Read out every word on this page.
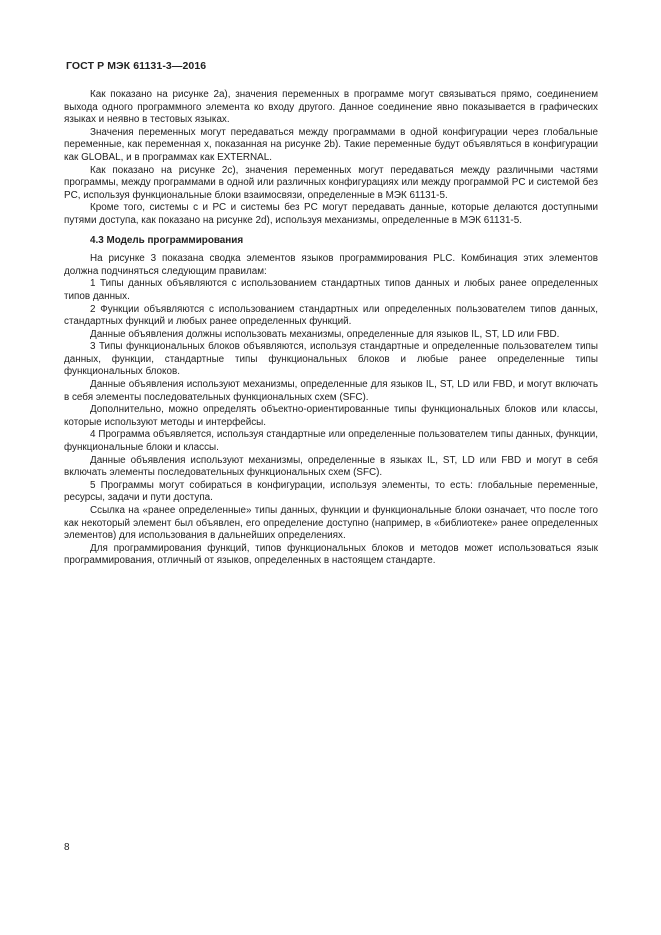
ГОСТ Р МЭК 61131-3—2016

Как показано на рисунке 2a), значения переменных в программе могут связываться прямо, соединением выхода одного программного элемента ко входу другого. Данное соединение явно показывается в графических языках и неявно в тестовых языках.

Значения переменных могут передаваться между программами в одной конфигурации через глобальные переменные, как переменная x, показанная на рисунке 2b). Такие переменные будут объявляться в конфигурации как GLOBAL, и в программах как EXTERNAL.

Как показано на рисунке 2c), значения переменных могут передаваться между различными частями программы, между программами в одной или различных конфигурациях или между программой PC и системой без PC, используя функциональные блоки взаимосвязи, определенные в МЭК 61131-5.

Кроме того, системы с и PC и системы без PC могут передавать данные, которые делаются доступными путями доступа, как показано на рисунке 2d), используя механизмы, определенные в МЭК 61131-5.

4.3 Модель программирования

На рисунке 3 показана сводка элементов языков программирования PLC. Комбинация этих элементов должна подчиняться следующим правилам:

1 Типы данных объявляются с использованием стандартных типов данных и любых ранее определенных типов данных.

2 Функции объявляются с использованием стандартных или определенных пользователем типов данных, стандартных функций и любых ранее определенных функций.

Данные объявления должны использовать механизмы, определенные для языков IL, ST, LD или FBD.

3 Типы функциональных блоков объявляются, используя стандартные и определенные пользователем типы данных, функции, стандартные типы функциональных блоков и любые ранее определенные типы функциональных блоков.

Данные объявления используют механизмы, определенные для языков IL, ST, LD или FBD, и могут включать в себя элементы последовательных функциональных схем (SFC).

Дополнительно, можно определять объектно-ориентированные типы функциональных блоков или классы, которые используют методы и интерфейсы.

4 Программа объявляется, используя стандартные или определенные пользователем типы данных, функции, функциональные блоки и классы.

Данные объявления используют механизмы, определенные в языках IL, ST, LD или FBD и могут в себя включать элементы последовательных функциональных схем (SFC).

5 Программы могут собираться в конфигурации, используя элементы, то есть: глобальные переменные, ресурсы, задачи и пути доступа.

Ссылка на «ранее определенные» типы данных, функции и функциональные блоки означает, что после того как некоторый элемент был объявлен, его определение доступно (например, в «библиотеке» ранее определенных элементов) для использования в дальнейших определениях.

Для программирования функций, типов функциональных блоков и методов может использоваться язык программирования, отличный от языков, определенных в настоящем стандарте.

8
